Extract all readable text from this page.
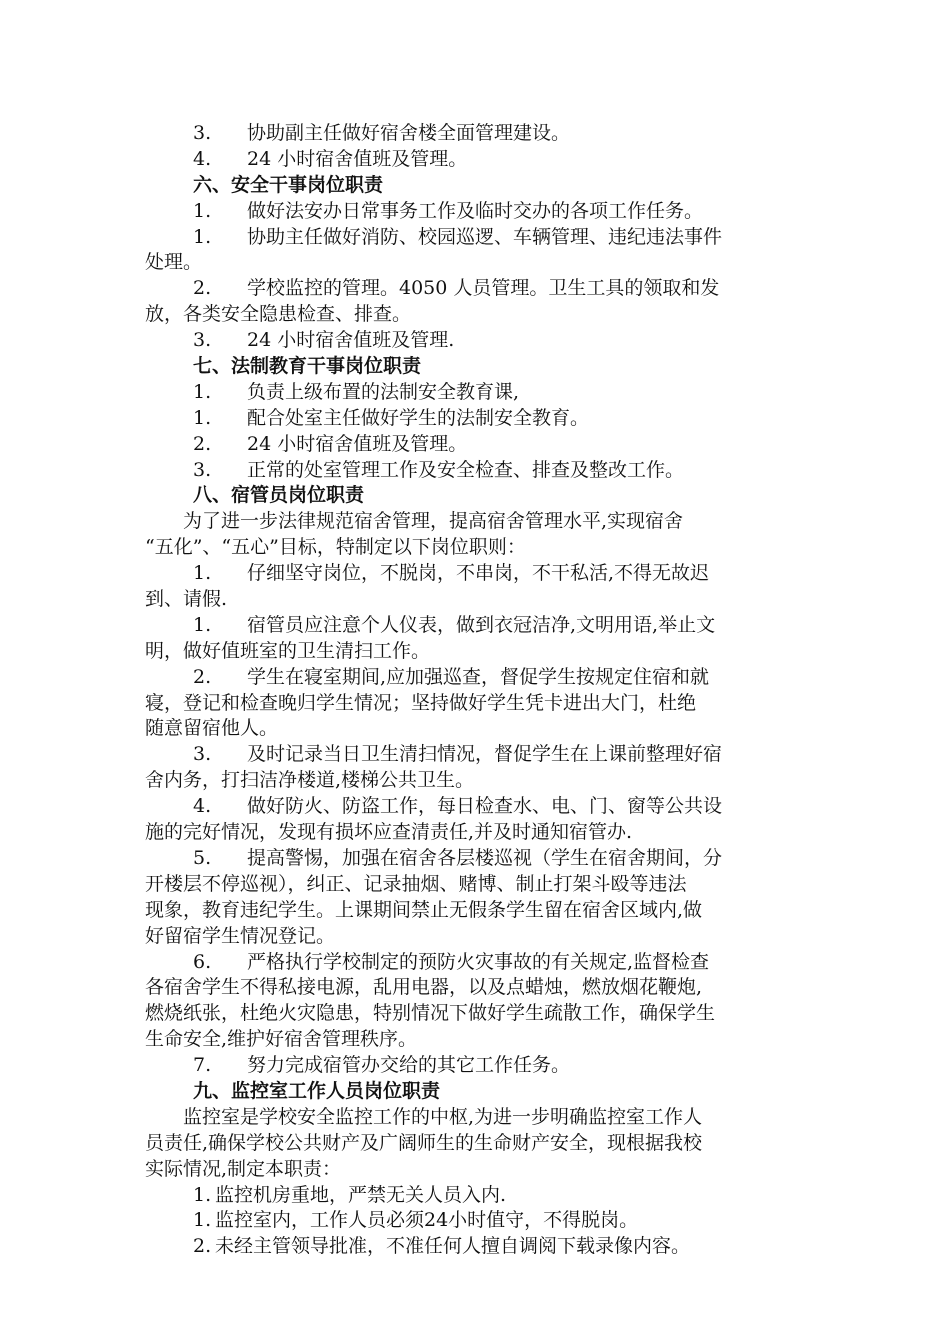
3. 协助副主任做好宿舍楼全面管理建设。
4. 24 小时宿舍值班及管理。
六、安全干事岗位职责
1. 做好法安办日常事务工作及临时交办的各项工作任务。
1. 协助主任做好消防、校园巡逻、车辆管理、违纪违法事件
处理。
2. 学校监控的管理。4050 人员管理。卫生工具的领取和发
放，各类安全隐患检查、排查。
3. 24 小时宿舍值班及管理.
七、法制教育干事岗位职责
1. 负责上级布置的法制安全教育课,
1. 配合处室主任做好学生的法制安全教育。
2. 24 小时宿舍值班及管理。
3. 正常的处室管理工作及安全检查、排查及整改工作。
八、宿管员岗位职责
为了进一步法律规范宿舍管理，提高宿舍管理水平,实现宿舍
“五化”、“五心”目标，特制定以下岗位职则：
1. 仔细坚守岗位，不脱岗，不串岗，不干私活,不得无故迟
到、请假.
1. 宿管员应注意个人仪表，做到衣冠洁净,文明用语,举止文
明，做好值班室的卫生清扫工作。
2. 学生在寝室期间,应加强巡查，督促学生按规定住宿和就
寝，登记和检查晚归学生情况；坚持做好学生凭卡进出大门，杜绝
随意留宿他人。
3. 及时记录当日卫生清扫情况，督促学生在上课前整理好宿
舍内务，打扫洁净楼道,楼梯公共卫生。
4. 做好防火、防盗工作，每日检查水、电、门、窗等公共设
施的完好情况，发现有损坏应查清责任,并及时通知宿管办.
5. 提高警惕，加强在宿舍各层楼巡视（学生在宿舍期间，分
开楼层不停巡视），纠正、记录抽烟、赌博、制止打架斗殴等违法
现象，教育违纪学生。上课期间禁止无假条学生留在宿舍区域内,做
好留宿学生情况登记。
6. 严格执行学校制定的预防火灾事故的有关规定,监督检查
各宿舍学生不得私接电源，乱用电器，以及点蜡烛，燃放烟花鞭炮,
燃烧纸张，杜绝火灾隐患，特别情况下做好学生疏散工作，确保学生
生命安全,维护好宿舍管理秩序。
7. 努力完成宿管办交给的其它工作任务。
九、监控室工作人员岗位职责
监控室是学校安全监控工作的中枢,为进一步明确监控室工作人
员责任,确保学校公共财产及广阔师生的生命财产安全，现根据我校
实际情况,制定本职责：
1. 监控机房重地，严禁无关人员入内.
1. 监控室内，工作人员必须24小时值守，不得脱岗。
2. 未经主管领导批准，不准任何人擅自调阅下载录像内容。
